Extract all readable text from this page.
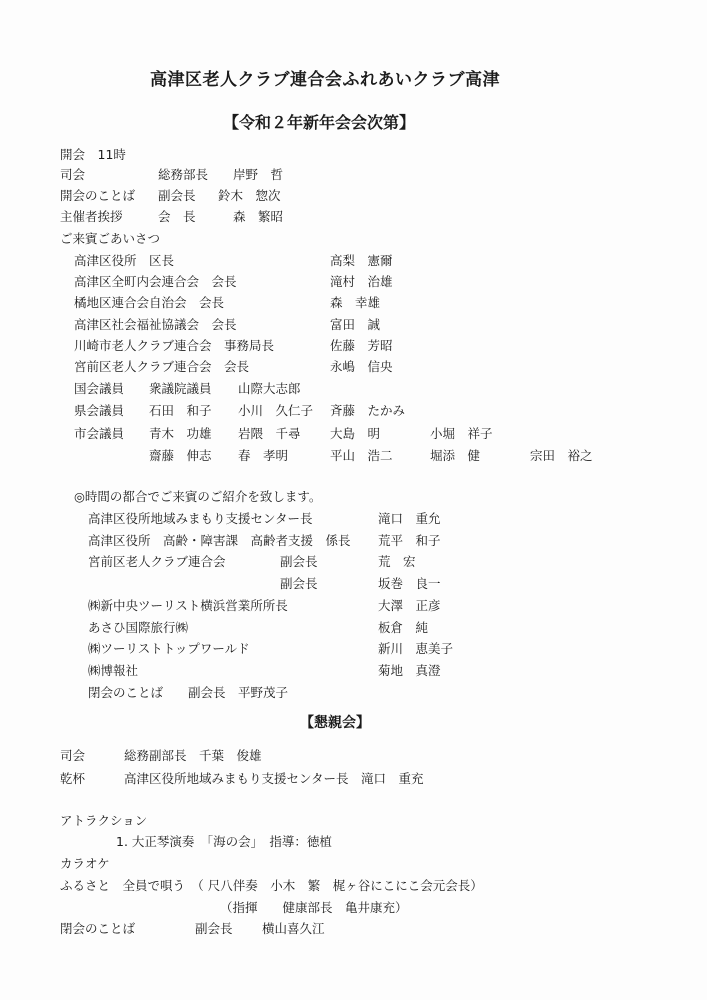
高津区老人クラブ連合会ふれあいクラブ高津
【令和２年新年会会次第】
開会　11時
司会	総務部長 岸野　哲
開会のことば 副会長 鈴木　惣次
主催者挨拶	会　長	森　繁昭
ご来賓ごあいさつ
高津区役所　区長	高梨　憲爾
高津区全町内会連合会　会長	滝村　治雄
橘地区連合会自治会　会長	森　幸雄
高津区社会福祉協議会　会長	富田　誠
川崎市老人クラブ連合会　事務局長	佐藤　芳昭
宮前区老人クラブ連合会　会長	永嶋　信央
国会議員 衆議院議員 山際大志郎
県会議員 石田　和子 小川　久仁子 斉藤　たかみ
市会議員 青木　功雄 岩隈　千尋 大島　明	小堀　祥子
齋藤　伸志 春　孝明	平山　浩二	堀添　健	宗田　裕之
◎時間の都合でご来賓のご紹介を致します。
高津区役所地域みまもり支援センター長	滝口　重允
高津区役所　高齢・障害課　高齢者支援　係長 荒平　和子
宮前区老人クラブ連合会	副会長	荒　宏
副会長	坂巻　良一
㈱新中央ツーリスト横浜営業所所長	大澤　正彦
あさひ国際旅行㈱	板倉　純
㈱ツーリストトップワールド	新川　恵美子
㈱博報社	菊地　真澄
閉会のことば　　副会長　平野茂子
【懇親会】
司会	総務副部長　千葉　俊雄
乾杯	高津区役所地域みまもり支援センター長　滝口　重充
アトラクション
1. 大正琴演奏　「海の会」　指導：徳植
カラオケ
ふるさと　全員で唄う　（ 尺八伴奏　小木　繁　梶ヶ谷にこにこ会元会長）
（指揮　　健康部長　亀井康充）
閉会のことば	副会長 横山喜久江
